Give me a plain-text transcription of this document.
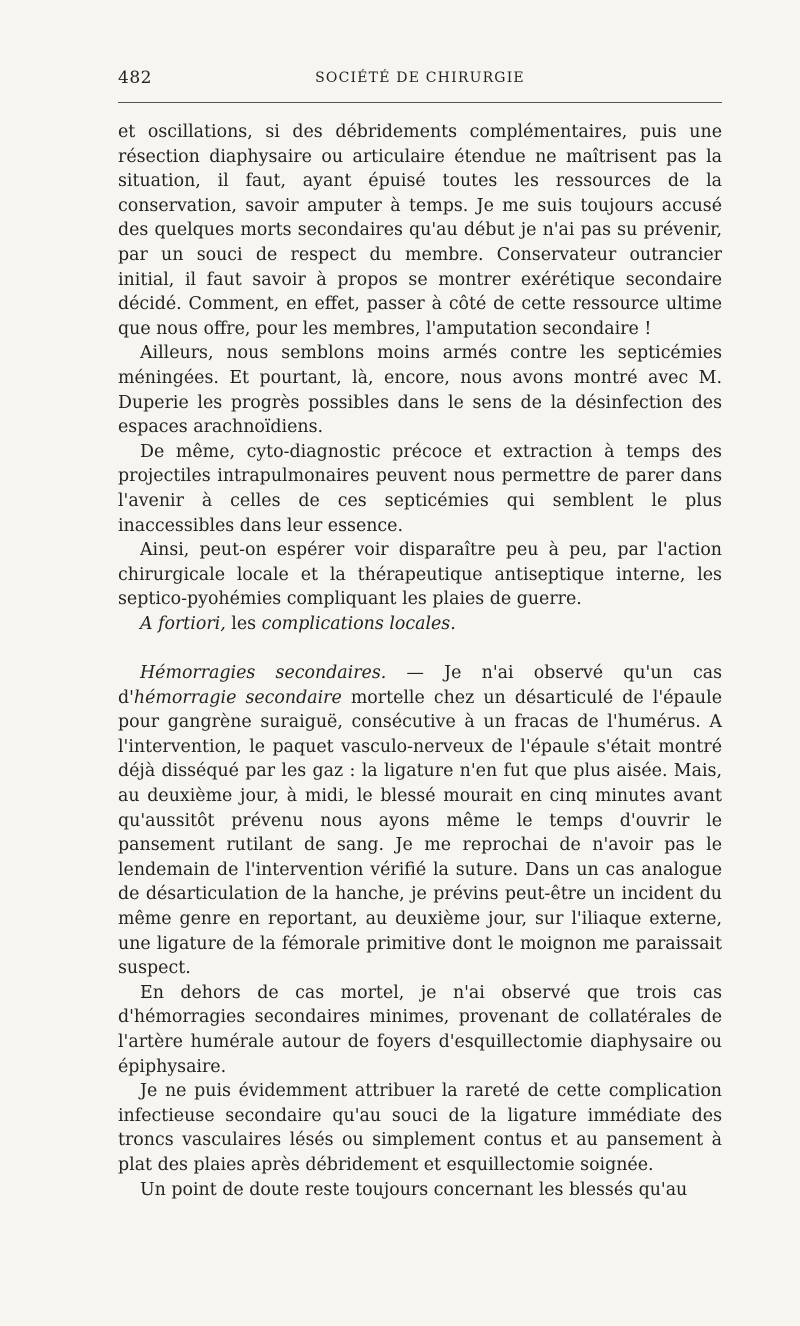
482	SOCIÉTÉ DE CHIRURGIE

et oscillations, si des débridements complémentaires, puis une résection diaphysaire ou articulaire étendue ne maîtrisent pas la situation, il faut, ayant épuisé toutes les ressources de la conservation, savoir amputer à temps. Je me suis toujours accusé des quelques morts secondaires qu'au début je n'ai pas su prévenir, par un souci de respect du membre. Conservateur outrancier initial, il faut savoir à propos se montrer exérétique secondaire décidé. Comment, en effet, passer à côté de cette ressource ultime que nous offre, pour les membres, l'amputation secondaire !

Ailleurs, nous semblons moins armés contre les septicémies méningées. Et pourtant, là, encore, nous avons montré avec M. Duperie les progrès possibles dans le sens de la désinfection des espaces arachnoïdiens.

De même, cyto-diagnostic précoce et extraction à temps des projectiles intrapulmonaires peuvent nous permettre de parer dans l'avenir à celles de ces septicémies qui semblent le plus inaccessibles dans leur essence.

Ainsi, peut-on espérer voir disparaître peu à peu, par l'action chirurgicale locale et la thérapeutique antiseptique interne, les septico-pyohémies compliquant les plaies de guerre.

A fortiori, les complications locales.

Hémorragies secondaires. — Je n'ai observé qu'un cas d'hémorragie secondaire mortelle chez un désarticulé de l'épaule pour gangrène suraiguë, consécutive à un fracas de l'humérus. A l'intervention, le paquet vasculo-nerveux de l'épaule s'était montré déjà disséqué par les gaz : la ligature n'en fut que plus aisée. Mais, au deuxième jour, à midi, le blessé mourait en cinq minutes avant qu'aussitôt prévenu nous ayons même le temps d'ouvrir le pansement rutilant de sang. Je me reprochai de n'avoir pas le lendemain de l'intervention vérifié la suture. Dans un cas analogue de désarticulation de la hanche, je prévins peut-être un incident du même genre en reportant, au deuxième jour, sur l'iliaque externe, une ligature de la fémorale primitive dont le moignon me paraissait suspect.

En dehors de cas mortel, je n'ai observé que trois cas d'hémorragies secondaires minimes, provenant de collatérales de l'artère humérale autour de foyers d'esquillectomie diaphysaire ou épiphysaire.

Je ne puis évidemment attribuer la rareté de cette complication infectieuse secondaire qu'au souci de la ligature immédiate des troncs vasculaires lésés ou simplement contus et au pansement à plat des plaies après débridement et esquillectomie soignée.

Un point de doute reste toujours concernant les blessés qu'au
